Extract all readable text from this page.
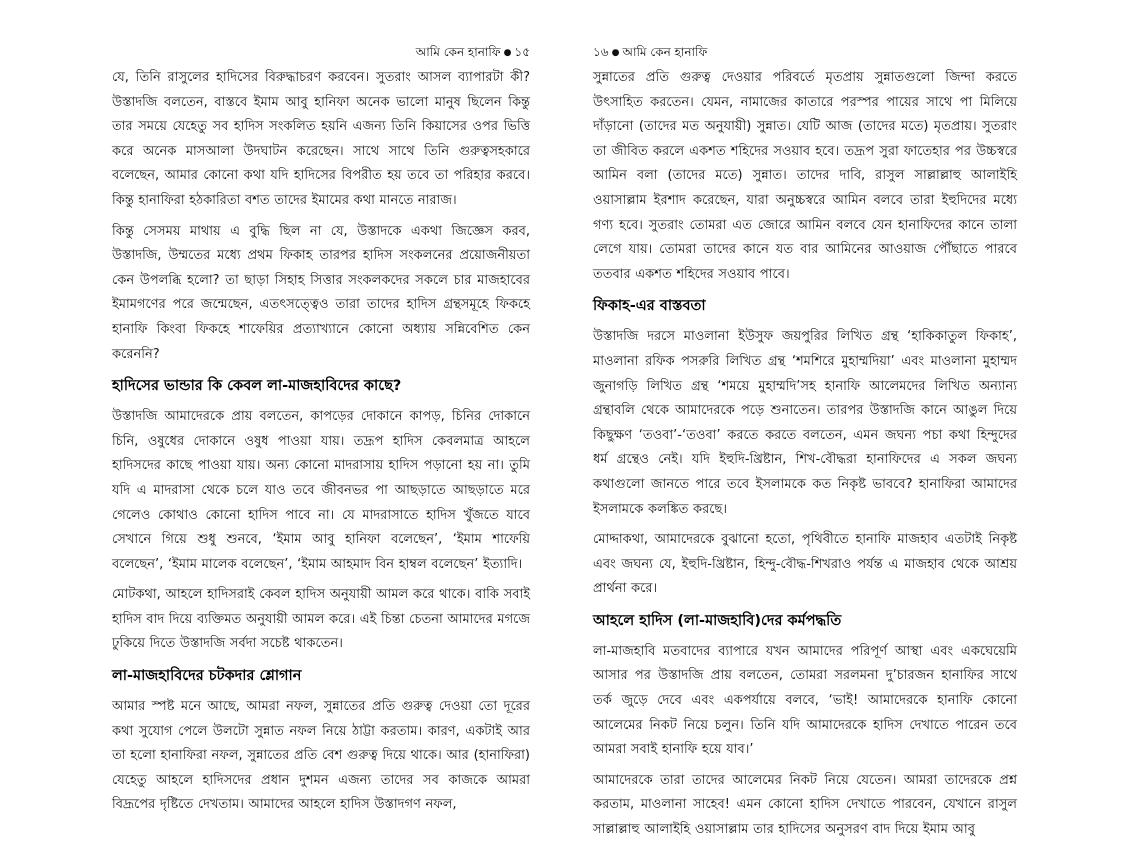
আমি কেন হানাফি ● ১৫

যে, তিনি রাসুলের হাদিসের বিরুদ্ধাচরণ করবেন। সুতরাং আসল ব্যাপারটা কী? উস্তাদজি বলতেন, বাস্তবে ইমাম আবু হানিফা অনেক ভালো মানুষ ছিলেন কিন্তু তার সময়ে যেহেতু সব হাদিস সংকলিত হয়নি এজন্য তিনি কিয়াসের ওপর ভিত্তি করে অনেক মাসআলা উদঘাটন করেছেন। সাথে সাথে তিনি গুরুত্বসহকারে বলেছেন, আমার কোনো কথা যদি হাদিসের বিপরীত হয় তবে তা পরিহার করবে। কিন্তু হানাফিরা হঠকারিতা বশত তাদের ইমামের কথা মানতে নারাজ।

কিন্তু সেসময় মাথায় এ বুদ্ধি ছিল না যে, উস্তাদকে একথা জিজ্ঞেস করব, উস্তাদজি, উম্মতের মধ্যে প্রথম ফিকাহ তারপর হাদিস সংকলনের প্রয়োজনীয়তা কেন উপলব্ধি হলো? তা ছাড়া সিহাহ সিত্তার সংকলকদের সকলে চার মাজহাবের ইমামগণের পরে জন্মেছেন, এতৎসত্ত্বেও তারা তাদের হাদিস গ্রন্থসমূহে ফিকহে হানাফি কিংবা ফিকহে শাফেয়ির প্রত্যাখ্যানে কোনো অধ্যায় সন্নিবেশিত কেন করেননি?

হাদিসের ভান্ডার কি কেবল লা-মাজহাবিদের কাছে?

উস্তাদজি আমাদেরকে প্রায় বলতেন, কাপড়ের দোকানে কাপড়, চিনির দোকানে চিনি, ওষুধের দোকানে ওষুধ পাওয়া যায়। তদ্রূপ হাদিস কেবলমাত্র আহলে হাদিসদের কাছে পাওয়া যায়। অন্য কোনো মাদরাসায় হাদিস পড়ানো হয় না। তুমি যদি এ মাদরাসা থেকে চলে যাও তবে জীবনভর পা আছড়াতে আছড়াতে মরে গেলেও কোথাও কোনো হাদিস পাবে না। যে মাদরাসাতে হাদিস খুঁজতে যাবে সেখানে গিয়ে শুধু শুনবে, ‘ইমাম আবু হানিফা বলেছেন’, ‘ইমাম শাফেয়ি বলেছেন’, ‘ইমাম মালেক বলেছেন’, ‘ইমাম আহমাদ বিন হাম্বল বলেছেন’ ইত্যাদি।

মোটকথা, আহলে হাদিসরাই কেবল হাদিস অনুযায়ী আমল করে থাকে। বাকি সবাই হাদিস বাদ দিয়ে ব্যক্তিমত অনুযায়ী আমল করে। এই চিন্তা চেতনা আমাদের মগজে ঢুকিয়ে দিতে উস্তাদজি সর্বদা সচেষ্ট থাকতেন।

লা-মাজহাবিদের চটকদার শ্লোগান

আমার স্পষ্ট মনে আছে, আমরা নফল, সুন্নাতের প্রতি গুরুত্ব দেওয়া তো দূরের কথা সুযোগ পেলে উলটো সুন্নাত নফল নিয়ে ঠাট্টা করতাম। কারণ, একটাই আর তা হলো হানাফিরা নফল, সুন্নাতের প্রতি বেশ গুরুত্ব দিয়ে থাকে। আর (হানাফিরা) যেহেতু আহলে হাদিসদের প্রধান দুশমন এজন্য তাদের সব কাজকে আমরা বিদ্রূপের দৃষ্টিতে দেখতাম। আমাদের আহলে হাদিস উস্তাদগণ নফল,

১৬ ● আমি কেন হানাফি

সুন্নাতের প্রতি গুরুত্ব দেওয়ার পরিবর্তে মৃতপ্রায় সুন্নাতগুলো জিন্দা করতে উৎসাহিত করতেন। যেমন, নামাজের কাতারে পরস্পর পায়ের সাথে পা মিলিয়ে দাঁড়ানো (তাদের মত অনুযায়ী) সুন্নাত। যেটি আজ (তাদের মতে) মৃতপ্রায়। সুতরাং তা জীবিত করলে একশত শহিদের সওয়াব হবে। তদ্রূপ সুরা ফাতেহার পর উচ্চস্বরে আমিন বলা (তাদের মতে) সুন্নাত। তাদের দাবি, রাসুল সাল্লাল্লাহু আলাইহি ওয়াসাল্লাম ইরশাদ করেছেন, যারা অনুচ্চস্বরে আমিন বলবে তারা ইহুদিদের মধ্যে গণ্য হবে। সুতরাং তোমরা এত জোরে আমিন বলবে যেন হানাফিদের কানে তালা লেগে যায়। তোমরা তাদের কানে যত বার আমিনের আওয়াজ পৌঁছাতে পারবে ততবার একশত শহিদের সওয়াব পাবে।

ফিকাহ-এর বাস্তবতা

উস্তাদজি দরসে মাওলানা ইউসুফ জয়পুরির লিখিত গ্রন্থ ‘হাকিকাতুল ফিকাহ’, মাওলানা রফিক পসরুরি লিখিত গ্রন্থ ‘শমশিরে মুহাম্মদিয়া’ এবং মাওলানা মুহাম্মদ জুনাগড়ি লিখিত গ্রন্থ ‘শময়ে মুহাম্মদি’সহ হানাফি আলেমদের লিখিত অন্যান্য গ্রন্থাবলি থেকে আমাদেরকে পড়ে শুনাতেন। তারপর উস্তাদজি কানে আঙুল দিয়ে কিছুক্ষণ ‘তওবা’-‘তওবা’ করতে করতে বলতেন, এমন জঘন্য পচা কথা হিন্দুদের ধর্ম গ্রন্থেও নেই। যদি ইহুদি-খ্রিষ্টান, শিখ-বৌদ্ধরা হানাফিদের এ সকল জঘন্য কথাগুলো জানতে পারে তবে ইসলামকে কত নিকৃষ্ট ভাববে? হানাফিরা আমাদের ইসলামকে কলঙ্কিত করছে।

মোদ্দাকথা, আমাদেরকে বুঝানো হতো, পৃথিবীতে হানাফি মাজহাব এতটাই নিকৃষ্ট এবং জঘন্য যে, ইহুদি-খ্রিষ্টান, হিন্দু-বৌদ্ধ-শিখরাও পর্যন্ত এ মাজহাব থেকে আশ্রয় প্রার্থনা করে।

আহলে হাদিস (লা-মাজহাবি)দের কর্মপদ্ধতি

লা-মাজহাবি মতবাদের ব্যাপারে যখন আমাদের পরিপূর্ণ আস্থা এবং একঘেয়েমি আসার পর উস্তাদজি প্রায় বলতেন, তোমরা সরলমনা দু’চারজন হানাফির সাথে তর্ক জুড়ে দেবে এবং একপর্যায়ে বলবে, ‘ভাই! আমাদেরকে হানাফি কোনো আলেমের নিকট নিয়ে চলুন। তিনি যদি আমাদেরকে হাদিস দেখাতে পারেন তবে আমরা সবাই হানাফি হয়ে যাব।’

আমাদেরকে তারা তাদের আলেমের নিকট নিয়ে যেতেন। আমরা তাদেরকে প্রশ্ন করতাম, মাওলানা সাহেব! এমন কোনো হাদিস দেখাতে পারবেন, যেখানে রাসুল সাল্লাল্লাহু আলাইহি ওয়াসাল্লাম তার হাদিসের অনুসরণ বাদ দিয়ে ইমাম আবু
